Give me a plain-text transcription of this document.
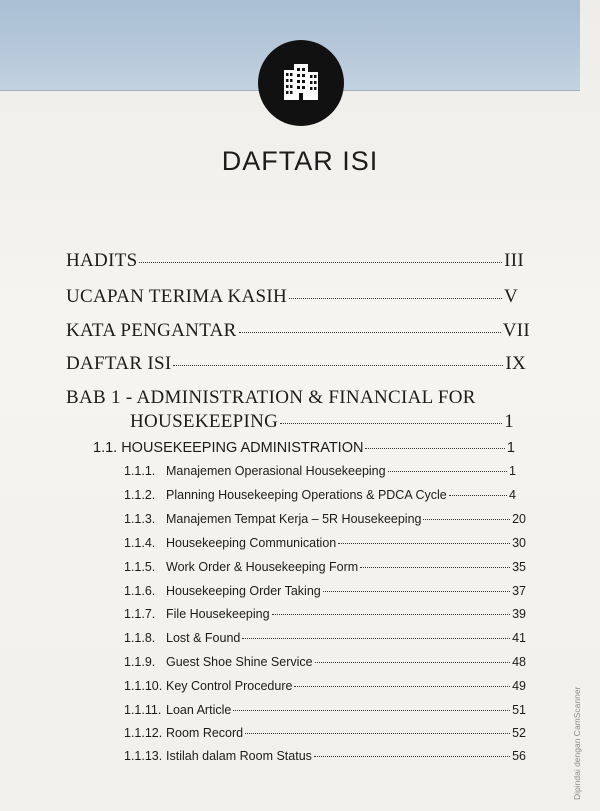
DAFTAR ISI
HADITS	III
UCAPAN TERIMA KASIH	V
KATA PENGANTAR	VII
DAFTAR ISI	IX
BAB 1 - ADMINISTRATION & FINANCIAL FOR
HOUSEKEEPING	1
1.1. HOUSEKEEPING ADMINISTRATION	1
1.1.1. Manajemen Operasional Housekeeping	1
1.1.2. Planning Housekeeping Operations & PDCA Cycle	4
1.1.3. Manajemen Tempat Kerja – 5R Housekeeping	20
1.1.4. Housekeeping Communication	30
1.1.5. Work Order & Housekeeping Form	35
1.1.6. Housekeeping Order Taking	37
1.1.7. File Housekeeping	39
1.1.8. Lost & Found	41
1.1.9. Guest Shoe Shine Service	48
1.1.10. Key Control Procedure	49
1.1.11. Loan Article	51
1.1.12. Room Record	52
1.1.13. Istilah dalam Room Status	56	Dipindai dengan CamScanner
